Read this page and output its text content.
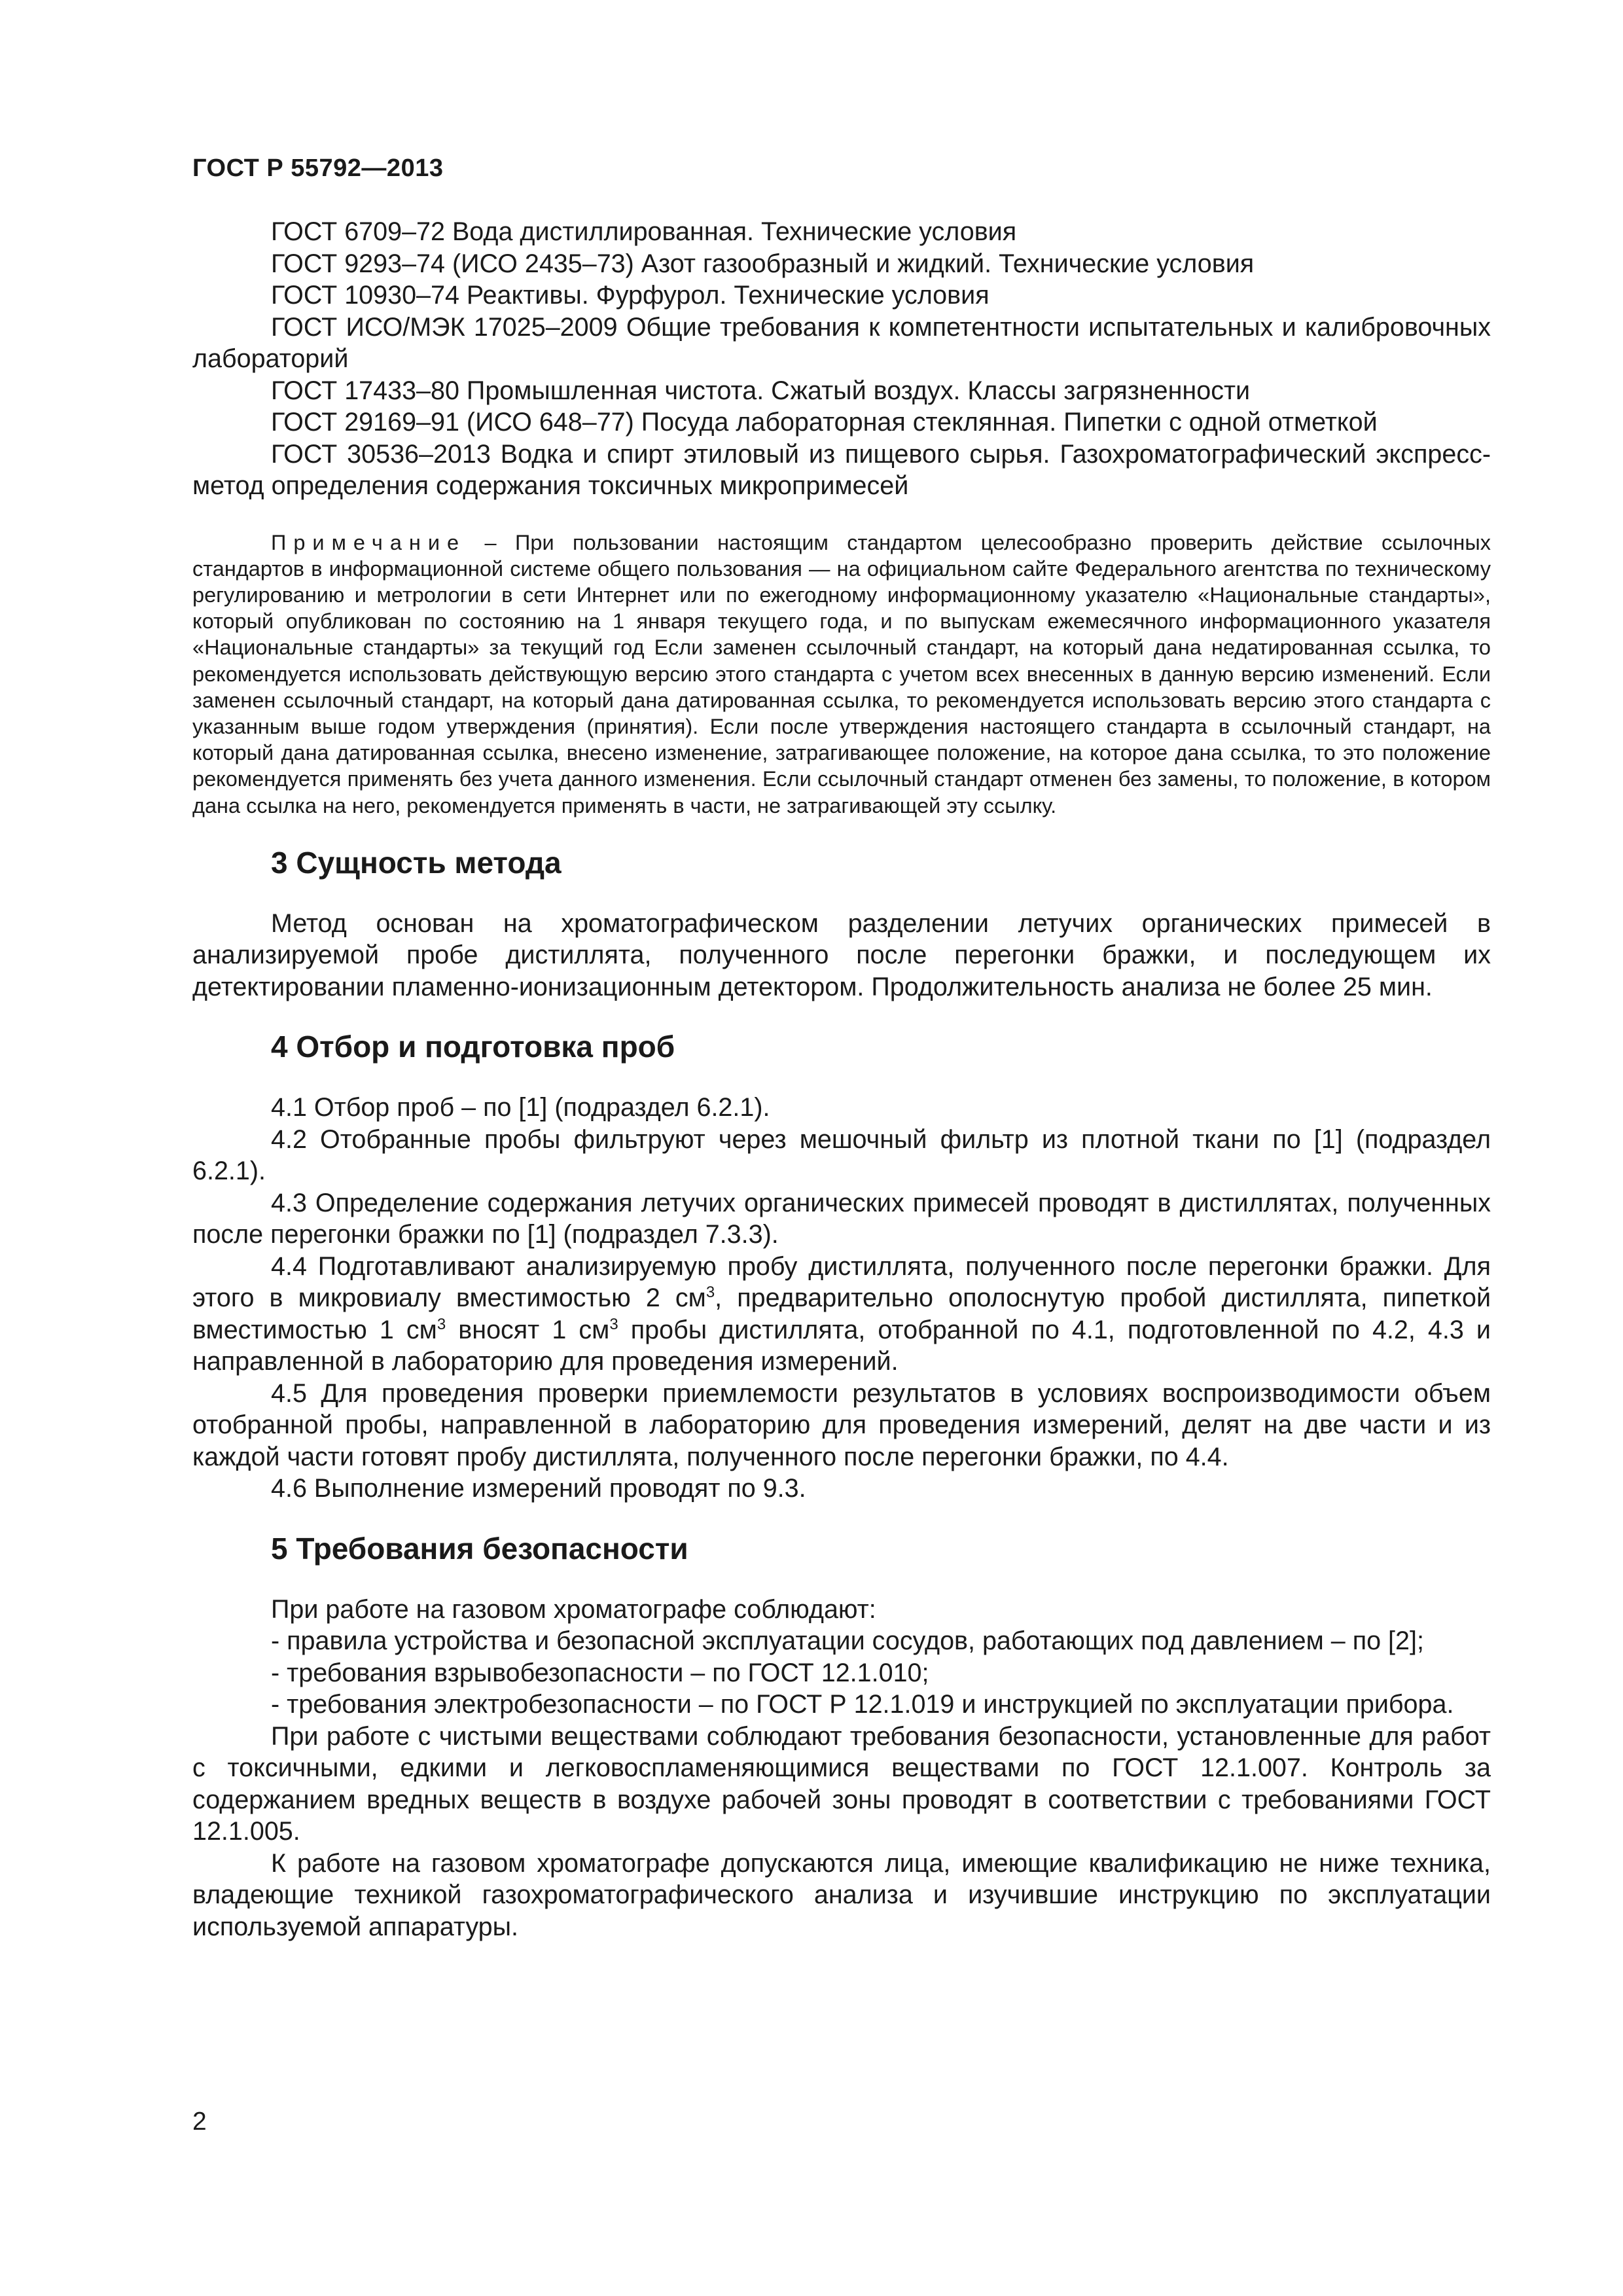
ГОСТ Р 55792—2013

ГОСТ 6709–72 Вода дистиллированная. Технические условия

ГОСТ 9293–74 (ИСО 2435–73) Азот газообразный и жидкий. Технические условия

ГОСТ 10930–74 Реактивы. Фурфурол. Технические условия

ГОСТ ИСО/МЭК 17025–2009 Общие требования к компетентности испытательных и калибровочных лабораторий

ГОСТ 17433–80 Промышленная чистота. Сжатый воздух. Классы загрязненности

ГОСТ 29169–91 (ИСО 648–77) Посуда лабораторная стеклянная. Пипетки с одной отметкой

ГОСТ 30536–2013 Водка и спирт этиловый из пищевого сырья. Газохроматографический экспресс-метод определения содержания токсичных микропримесей

Примечание – При пользовании настоящим стандартом целесообразно проверить действие ссылочных стандартов в информационной системе общего пользования — на официальном сайте Федерального агентства по техническому регулированию и метрологии в сети Интернет или по ежегодному информационному указателю «Национальные стандарты», который опубликован по состоянию на 1 января текущего года, и по выпускам ежемесячного информационного указателя «Национальные стандарты» за текущий год Если заменен ссылочный стандарт, на который дана недатированная ссылка, то рекомендуется использовать действующую версию этого стандарта с учетом всех внесенных в данную версию изменений. Если заменен ссылочный стандарт, на который дана датированная ссылка, то рекомендуется использовать версию этого стандарта с указанным выше годом утверждения (принятия). Если после утверждения настоящего стандарта в ссылочный стандарт, на который дана датированная ссылка, внесено изменение, затрагивающее положение, на которое дана ссылка, то это положение рекомендуется применять без учета данного изменения. Если ссылочный стандарт отменен без замены, то положение, в котором дана ссылка на него, рекомендуется применять в части, не затрагивающей эту ссылку.

3 Сущность метода

Метод основан на хроматографическом разделении летучих органических примесей в анализируемой пробе дистиллята, полученного после перегонки бражки, и последующем их детектировании пламенно-ионизационным детектором. Продолжительность анализа не более 25 мин.

4 Отбор и подготовка проб

4.1 Отбор проб – по [1] (подраздел 6.2.1).

4.2 Отобранные пробы фильтруют через мешочный фильтр из плотной ткани по [1] (подраздел 6.2.1).

4.3 Определение содержания летучих органических примесей проводят в дистиллятах, полученных после перегонки бражки по [1] (подраздел 7.3.3).

4.4 Подготавливают анализируемую пробу дистиллята, полученного после перегонки бражки. Для этого в микровиалу вместимостью 2 $см^3$, предварительно ополоснутую пробой дистиллята, пипеткой вместимостью 1 $см^3$ вносят 1 $см^3$ пробы дистиллята, отобранной по 4.1, подготовленной по 4.2, 4.3 и направленной в лабораторию для проведения измерений.

4.5 Для проведения проверки приемлемости результатов в условиях воспроизводимости объем отобранной пробы, направленной в лабораторию для проведения измерений, делят на две части и из каждой части готовят пробу дистиллята, полученного после перегонки бражки, по 4.4.

4.6 Выполнение измерений проводят по 9.3.

5 Требования безопасности

При работе на газовом хроматографе соблюдают:

- правила устройства и безопасной эксплуатации сосудов, работающих под давлением – по [2];

- требования взрывобезопасности – по ГОСТ 12.1.010;

- требования электробезопасности – по ГОСТ Р 12.1.019 и инструкцией по эксплуатации прибора.

При работе с чистыми веществами соблюдают требования безопасности, установленные для работ с токсичными, едкими и легковоспламеняющимися веществами по ГОСТ 12.1.007. Контроль за содержанием вредных веществ в воздухе рабочей зоны проводят в соответствии с требованиями ГОСТ 12.1.005.

К работе на газовом хроматографе допускаются лица, имеющие квалификацию не ниже техника, владеющие техникой газохроматографического анализа и изучившие инструкцию по эксплуатации используемой аппаратуры.

2
